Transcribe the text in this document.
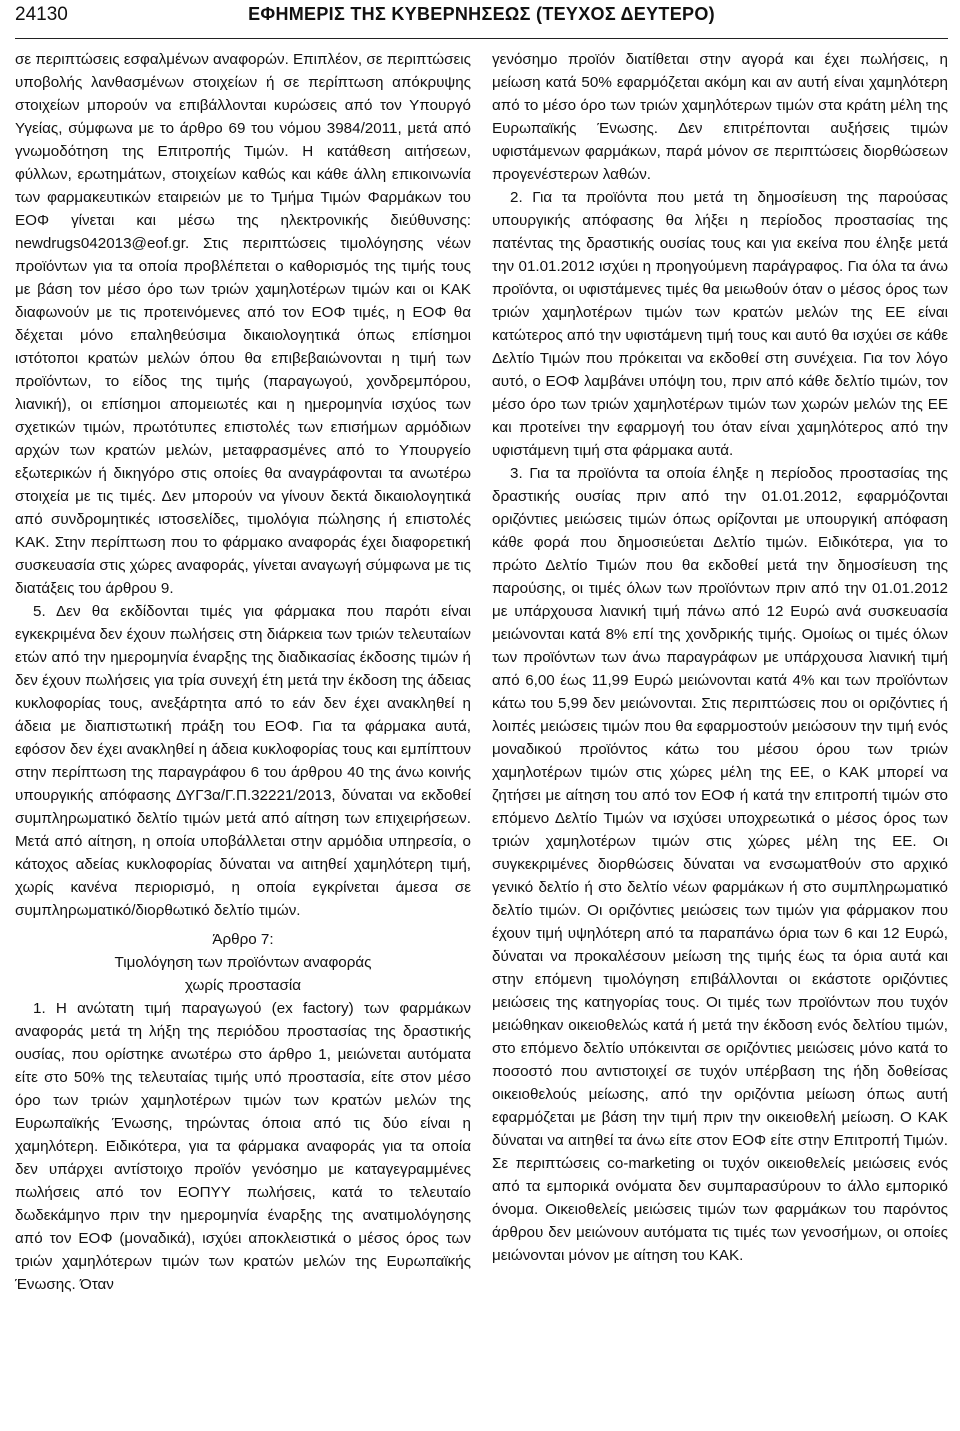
24130	ΕΦΗΜΕΡΙΣ ΤΗΣ ΚΥΒΕΡΝΗΣΕΩΣ (ΤΕΥΧΟΣ ΔΕΥΤΕΡΟ)

σε περιπτώσεις εσφαλμένων αναφορών. Επιπλέον, σε περιπτώσεις υποβολής λανθασμένων στοιχείων ή σε περίπτωση απόκρυψης στοιχείων μπορούν να επιβάλλονται κυρώσεις από τον Υπουργό Υγείας, σύμφωνα με το άρθρο 69 του νόμου 3984/2011, μετά από γνωμοδότηση της Επιτροπής Τιμών. Η κατάθεση αιτήσεων, φύλλων, ερωτημάτων, στοιχείων καθώς και κάθε άλλη επικοινωνία των φαρμακευτικών εταιρειών με το Τμήμα Τιμών Φαρμάκων του ΕΟΦ γίνεται και μέσω της ηλεκτρονικής διεύθυνσης: newdrugs042013@eof.gr. Στις περιπτώσεις τιμολόγησης νέων προϊόντων για τα οποία προβλέπεται ο καθορισμός της τιμής τους με βάση τον μέσο όρο των τριών χαμηλοτέρων τιμών και οι ΚΑΚ διαφωνούν με τις προτεινόμενες από τον ΕΟΦ τιμές, η ΕΟΦ θα δέχεται μόνο επαληθεύσιμα δικαιολογητικά όπως επίσημοι ιστότοποι κρατών μελών όπου θα επιβεβαιώνονται η τιμή των προϊόντων, το είδος της τιμής (παραγωγού, χονδρεμπόρου, λιανική), οι επίσημοι απομειωτές και η ημερομηνία ισχύος των σχετικών τιμών, πρωτότυπες επιστολές των επισήμων αρμόδιων αρχών των κρατών μελών, μεταφρασμένες από το Υπουργείο εξωτερικών ή δικηγόρο στις οποίες θα αναγράφονται τα ανωτέρω στοιχεία με τις τιμές. Δεν μπορούν να γίνουν δεκτά δικαιολογητικά από συνδρομητικές ιστοσελίδες, τιμολόγια πώλησης ή επιστολές ΚΑΚ. Στην περίπτωση που το φάρμακο αναφοράς έχει διαφορετική συσκευασία στις χώρες αναφοράς, γίνεται αναγωγή σύμφωνα με τις διατάξεις του άρθρου 9.

5. Δεν θα εκδίδονται τιμές για φάρμακα που παρότι είναι εγκεκριμένα δεν έχουν πωλήσεις στη διάρκεια των τριών τελευταίων ετών από την ημερομηνία έναρξης της διαδικασίας έκδοσης τιμών ή δεν έχουν πωλήσεις για τρία συνεχή έτη μετά την έκδοση της άδειας κυκλοφορίας τους, ανεξάρτητα από το εάν δεν έχει ανακληθεί η άδεια με διαπιστωτική πράξη του ΕΟΦ. Για τα φάρμακα αυτά, εφόσον δεν έχει ανακληθεί η άδεια κυκλοφορίας τους και εμπίπτουν στην περίπτωση της παραγράφου 6 του άρθρου 40 της άνω κοινής υπουργικής απόφασης ΔΥΓ3α/Γ.Π.32221/2013, δύναται να εκδοθεί συμπληρωματικό δελτίο τιμών μετά από αίτηση των επιχειρήσεων. Μετά από αίτηση, η οποία υποβάλλεται στην αρμόδια υπηρεσία, ο κάτοχος αδείας κυκλοφορίας δύναται να αιτηθεί χαμηλότερη τιμή, χωρίς κανένα περιορισμό, η οποία εγκρίνεται άμεσα σε συμπληρωματικό/διορθωτικό δελτίο τιμών.

Άρθρο 7:
Τιμολόγηση των προϊόντων αναφοράς
χωρίς προστασία

1. Η ανώτατη τιμή παραγωγού (ex factory) των φαρμάκων αναφοράς μετά τη λήξη της περιόδου προστασίας της δραστικής ουσίας, που ορίστηκε ανωτέρω στο άρθρο 1, μειώνεται αυτόματα είτε στο 50% της τελευταίας τιμής υπό προστασία, είτε στον μέσο όρο των τριών χαμηλοτέρων τιμών των κρατών μελών της Ευρωπαϊκής Ένωσης, τηρώντας όποια από τις δύο είναι η χαμηλότερη. Ειδικότερα, για τα φάρμακα αναφοράς για τα οποία δεν υπάρχει αντίστοιχο προϊόν γενόσημο με καταγεγραμμένες πωλήσεις από τον ΕΟΠΥΥ πωλήσεις, κατά το τελευταίο δωδεκάμηνο πριν την ημερομηνία έναρξης της ανατιμολόγησης από τον ΕΟΦ (μοναδικά), ισχύει αποκλειστικά ο μέσος όρος των τριών χαμηλότερων τιμών των κρατών μελών της Ευρωπαϊκής Ένωσης. Όταν

γενόσημο προϊόν διατίθεται στην αγορά και έχει πωλήσεις, η μείωση κατά 50% εφαρμόζεται ακόμη και αν αυτή είναι χαμηλότερη από το μέσο όρο των τριών χαμηλότερων τιμών στα κράτη μέλη της Ευρωπαϊκής Ένωσης. Δεν επιτρέπονται αυξήσεις τιμών υφιστάμενων φαρμάκων, παρά μόνον σε περιπτώσεις διορθώσεων προγενέστερων λαθών.

2. Για τα προϊόντα που μετά τη δημοσίευση της παρούσας υπουργικής απόφασης θα λήξει η περίοδος προστασίας της πατέντας της δραστικής ουσίας τους και για εκείνα που έληξε μετά την 01.01.2012 ισχύει η προηγούμενη παράγραφος. Για όλα τα άνω προϊόντα, οι υφιστάμενες τιμές θα μειωθούν όταν ο μέσος όρος των τριών χαμηλοτέρων τιμών των κρατών μελών της ΕΕ είναι κατώτερος από την υφιστάμενη τιμή τους και αυτό θα ισχύει σε κάθε Δελτίο Τιμών που πρόκειται να εκδοθεί στη συνέχεια. Για τον λόγο αυτό, ο ΕΟΦ λαμβάνει υπόψη του, πριν από κάθε δελτίο τιμών, τον μέσο όρο των τριών χαμηλοτέρων τιμών των χωρών μελών της ΕΕ και προτείνει την εφαρμογή του όταν είναι χαμηλότερος από την υφιστάμενη τιμή στα φάρμακα αυτά.

3. Για τα προϊόντα τα οποία έληξε η περίοδος προστασίας της δραστικής ουσίας πριν από την 01.01.2012, εφαρμόζονται οριζόντιες μειώσεις τιμών όπως ορίζονται με υπουργική απόφαση κάθε φορά που δημοσιεύεται Δελτίο τιμών. Ειδικότερα, για το πρώτο Δελτίο Τιμών που θα εκδοθεί μετά την δημοσίευση της παρούσης, οι τιμές όλων των προϊόντων πριν από την 01.01.2012 με υπάρχουσα λιανική τιμή πάνω από 12 Ευρώ ανά συσκευασία μειώνονται κατά 8% επί της χονδρικής τιμής. Ομοίως οι τιμές όλων των προϊόντων των άνω παραγράφων με υπάρχουσα λιανική τιμή από 6,00 έως 11,99 Ευρώ μειώνονται κατά 4% και των προϊόντων κάτω του 5,99 δεν μειώνονται. Στις περιπτώσεις που οι οριζόντιες ή λοιπές μειώσεις τιμών που θα εφαρμοστούν μειώσουν την τιμή ενός μοναδικού προϊόντος κάτω του μέσου όρου των τριών χαμηλοτέρων τιμών στις χώρες μέλη της ΕΕ, ο ΚΑΚ μπορεί να ζητήσει με αίτηση του από τον ΕΟΦ ή κατά την επιτροπή τιμών στο επόμενο Δελτίο Τιμών να ισχύσει υποχρεωτικά ο μέσος όρος των τριών χαμηλοτέρων τιμών στις χώρες μέλη της ΕΕ. Οι συγκεκριμένες διορθώσεις δύναται να ενσωματθούν στο αρχικό γενικό δελτίο ή στο δελτίο νέων φαρμάκων ή στο συμπληρωματικό δελτίο τιμών. Οι οριζόντιες μειώσεις των τιμών για φάρμακον που έχουν τιμή υψηλότερη από τα παραπάνω όρια των 6 και 12 Ευρώ, δύναται να προκαλέσουν μείωση της τιμής έως τα όρια αυτά και στην επόμενη τιμολόγηση επιβάλλονται οι εκάστοτε οριζόντιες μειώσεις της κατηγορίας τους. Οι τιμές των προϊόντων που τυχόν μειώθηκαν οικειοθελώς κατά ή μετά την έκδοση ενός δελτίου τιμών, στο επόμενο δελτίο υπόκεινται σε οριζόντιες μειώσεις μόνο κατά το ποσοστό που αντιστοιχεί σε τυχόν υπέρβαση της ήδη δοθείσας οικειοθελούς μείωσης, από την οριζόντια μείωση όπως αυτή εφαρμόζεται με βάση την τιμή πριν την οικειοθελή μείωση. Ο ΚΑΚ δύναται να αιτηθεί τα άνω είτε στον ΕΟΦ είτε στην Επιτροπή Τιμών. Σε περιπτώσεις co-marketing οι τυχόν οικειοθελείς μειώσεις ενός από τα εμπορικά ονόματα δεν συμπαρασύρουν το άλλο εμπορικό όνομα. Οικειοθελείς μειώσεις τιμών των φαρμάκων του παρόντος άρθρου δεν μειώνουν αυτόματα τις τιμές των γενοσήμων, οι οποίες μειώνονται μόνον με αίτηση του ΚΑΚ.
